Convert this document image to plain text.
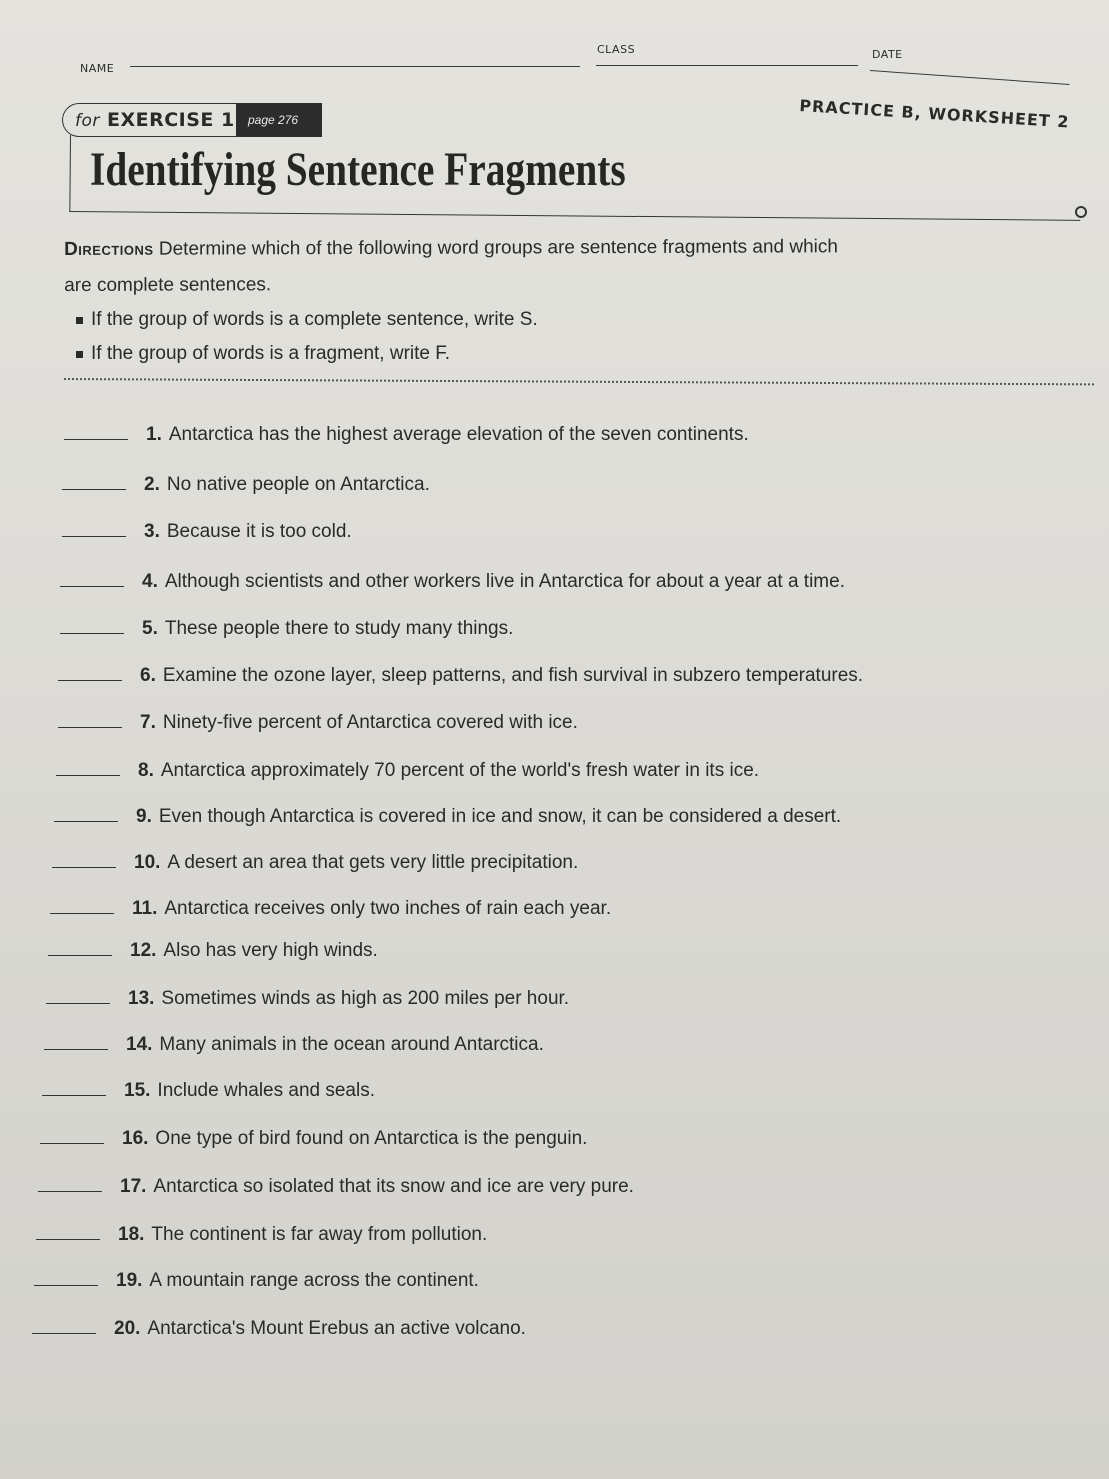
NAME
CLASS	DATE
for EXERCISE 1	page 276	PRACTICE B, WORKSHEET 2
Identifying Sentence Fragments
Directions Determine which of the following word groups are sentence fragments and which are complete sentences.
If the group of words is a complete sentence, write S.
If the group of words is a fragment, write F.
1. Antarctica has the highest average elevation of the seven continents.
2. No native people on Antarctica.
3. Because it is too cold.
4. Although scientists and other workers live in Antarctica for about a year at a time.
5. These people there to study many things.
6. Examine the ozone layer, sleep patterns, and fish survival in subzero temperatures.
7. Ninety-five percent of Antarctica covered with ice.
8. Antarctica approximately 70 percent of the world's fresh water in its ice.
9. Even though Antarctica is covered in ice and snow, it can be considered a desert.
10. A desert an area that gets very little precipitation.
11. Antarctica receives only two inches of rain each year.
12. Also has very high winds.
13. Sometimes winds as high as 200 miles per hour.
14. Many animals in the ocean around Antarctica.
15. Include whales and seals.
16. One type of bird found on Antarctica is the penguin.
17. Antarctica so isolated that its snow and ice are very pure.
18. The continent is far away from pollution.
19. A mountain range across the continent.
20. Antarctica's Mount Erebus an active volcano.
